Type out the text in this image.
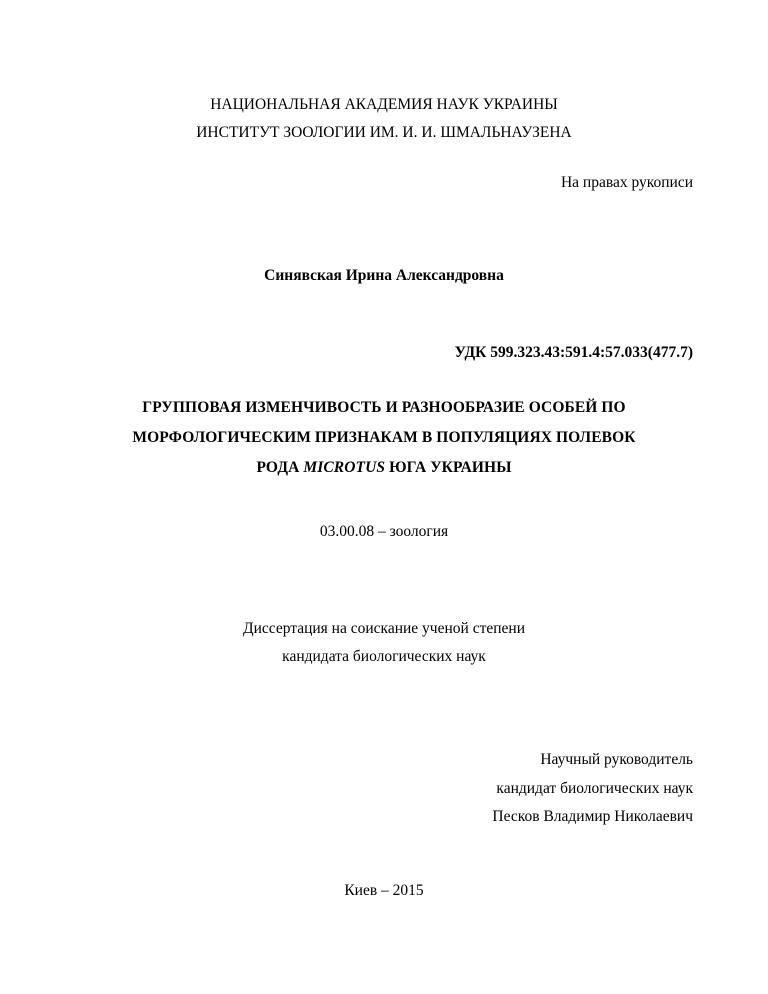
НАЦИОНАЛЬНАЯ АКАДЕМИЯ НАУК УКРАИНЫ

ИНСТИТУТ ЗООЛОГИИ ИМ. И. И. ШМАЛЬНАУЗЕНА

На правах рукописи

Синявская Ирина Александровна

УДК 599.323.43:591.4:57.033(477.7)

ГРУППОВАЯ ИЗМЕНЧИВОСТЬ И РАЗНООБРАЗИЕ ОСОБЕЙ ПО

МОРФОЛОГИЧЕСКИМ ПРИЗНАКАМ В ПОПУЛЯЦИЯХ ПОЛЕВОК

РОДА MICROTUS ЮГА УКРАИНЫ

03.00.08 – зоология

Диссертация на соискание ученой степени

кандидата биологических наук

Научный руководитель

кандидат биологических наук

Песков Владимир Николаевич

Киев – 2015
